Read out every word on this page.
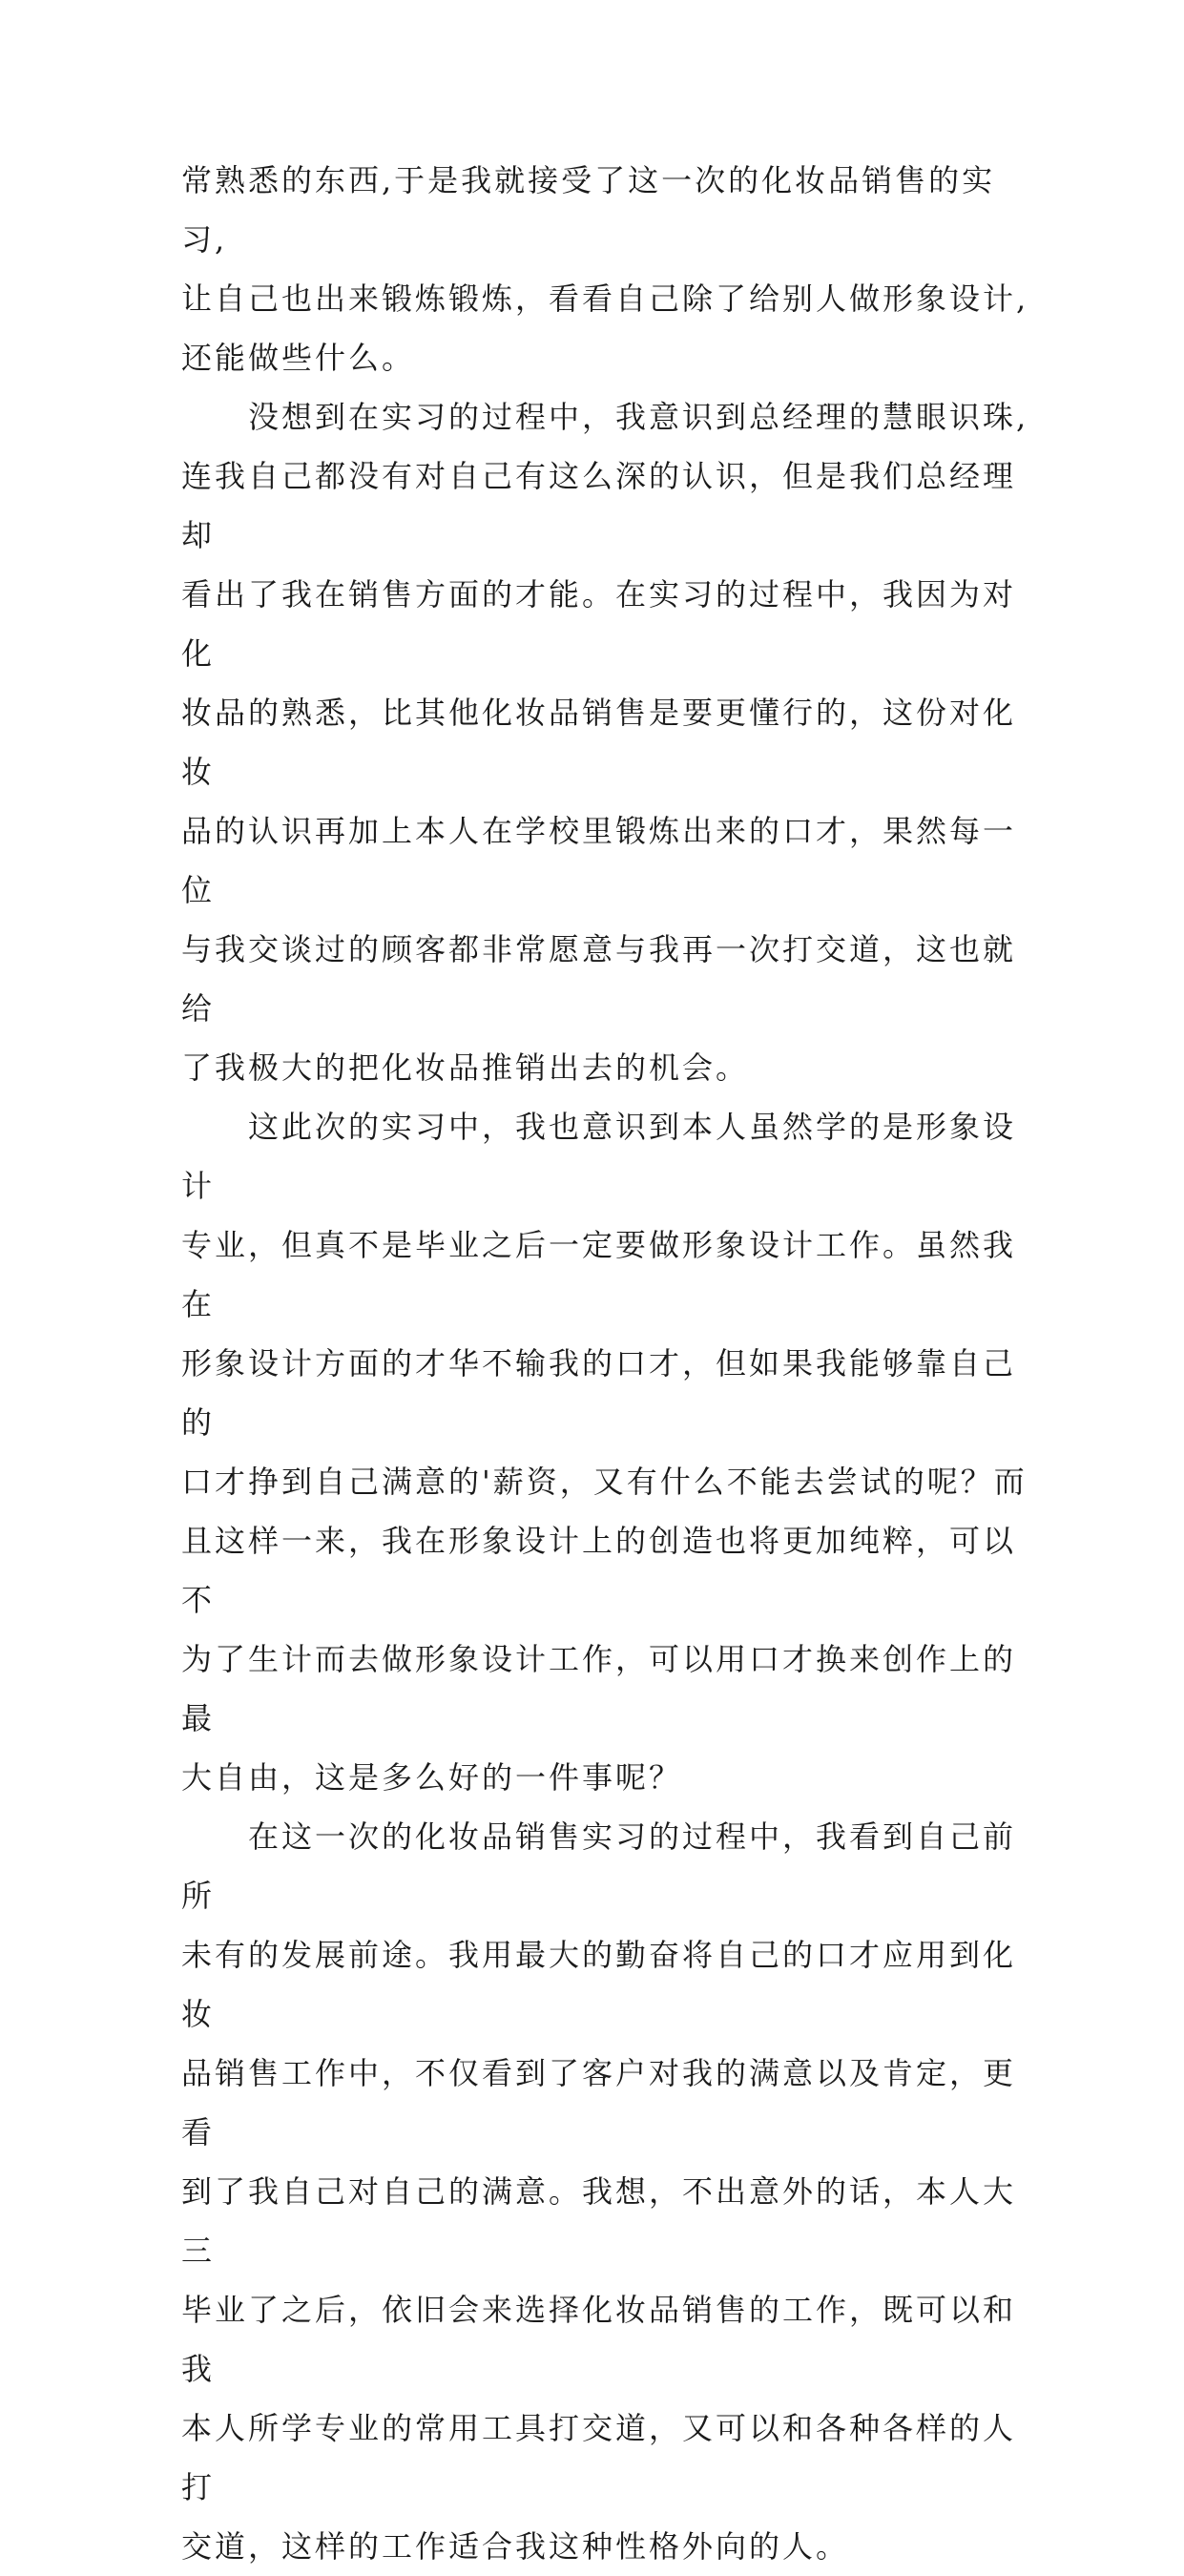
常熟悉的东西,于是我就接受了这一次的化妆品销售的实习,
让自己也出来锻炼锻炼，看看自己除了给别人做形象设计,
还能做些什么。

　　没想到在实习的过程中，我意识到总经理的慧眼识珠,
连我自己都没有对自己有这么深的认识，但是我们总经理却
看出了我在销售方面的才能。在实习的过程中，我因为对化
妆品的熟悉，比其他化妆品销售是要更懂行的，这份对化妆
品的认识再加上本人在学校里锻炼出来的口才，果然每一位
与我交谈过的顾客都非常愿意与我再一次打交道，这也就给
了我极大的把化妆品推销出去的机会。

　　这此次的实习中，我也意识到本人虽然学的是形象设计
专业，但真不是毕业之后一定要做形象设计工作。虽然我在
形象设计方面的才华不输我的口才，但如果我能够靠自己的
口才挣到自己满意的'薪资，又有什么不能去尝试的呢？而
且这样一来，我在形象设计上的创造也将更加纯粹，可以不
为了生计而去做形象设计工作，可以用口才换来创作上的最
大自由，这是多么好的一件事呢？

　　在这一次的化妆品销售实习的过程中，我看到自己前所
未有的发展前途。我用最大的勤奋将自己的口才应用到化妆
品销售工作中，不仅看到了客户对我的满意以及肯定，更看
到了我自己对自己的满意。我想，不出意外的话，本人大三
毕业了之后，依旧会来选择化妆品销售的工作，既可以和我
本人所学专业的常用工具打交道，又可以和各种各样的人打
交道，这样的工作适合我这种性格外向的人。
